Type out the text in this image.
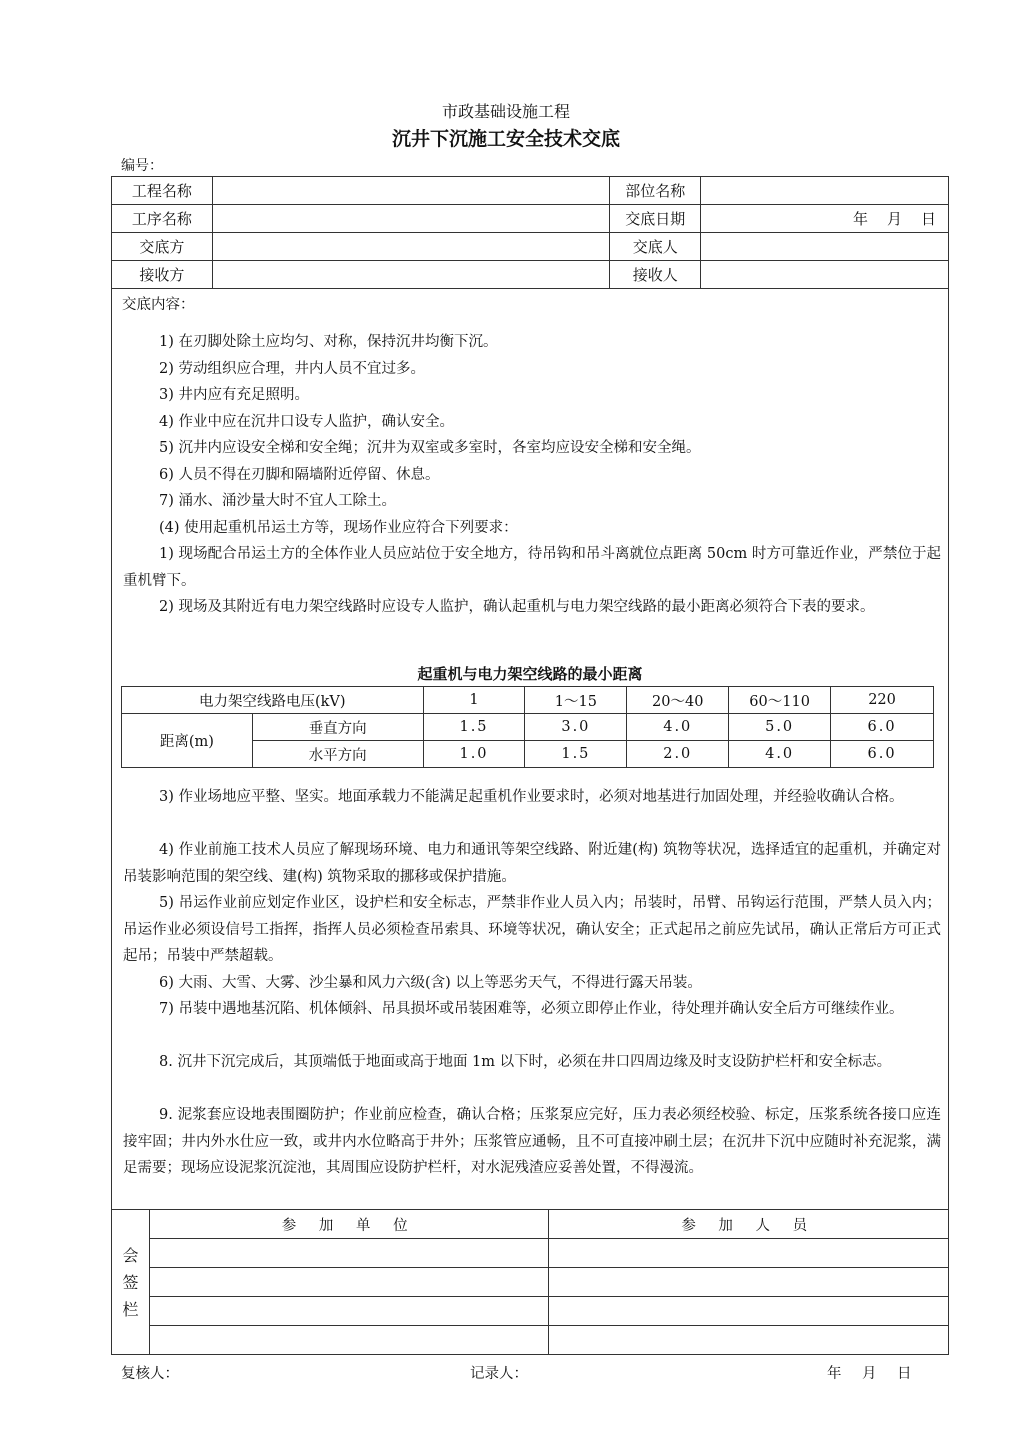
市政基础设施工程
沉井下沉施工安全技术交底
编号：
工程名称		部位名称	
工序名称		交底日期	年　月　日
交底方		交底人	
接收方		接收人	
交底内容：
1) 在刃脚处除土应均匀、对称，保持沉井均衡下沉。
2) 劳动组织应合理，井内人员不宜过多。
3) 井内应有充足照明。
4) 作业中应在沉井口设专人监护，确认安全。
5) 沉井内应设安全梯和安全绳；沉井为双室或多室时，各室均应设安全梯和安全绳。
6) 人员不得在刃脚和隔墙附近停留、休息。
7) 涌水、涌沙量大时不宜人工除土。
(4) 使用起重机吊运土方等，现场作业应符合下列要求：
1) 现场配合吊运土方的全体作业人员应站位于安全地方，待吊钩和吊斗离就位点距离 50cm 时方可靠近作业，严禁位于起重机臂下。
2) 现场及其附近有电力架空线路时应设专人监护，确认起重机与电力架空线路的最小距离必须符合下表的要求。
起重机与电力架空线路的最小距离
电力架空线路电压(kV)		1	1～15	20～40	60～110	220
距离(m)	垂直方向	1.5	3.0	4.0	5.0	6.0
	水平方向	1.0	1.5	2.0	4.0	6.0
3) 作业场地应平整、坚实。地面承载力不能满足起重机作业要求时，必须对地基进行加固处理，并经验收确认合格。
4) 作业前施工技术人员应了解现场环境、电力和通讯等架空线路、附近建(构) 筑物等状况，选择适宜的起重机，并确定对吊装影响范围的架空线、建(构) 筑物采取的挪移或保护措施。
5) 吊运作业前应划定作业区，设护栏和安全标志，严禁非作业人员入内；吊装时，吊臂、吊钩运行范围，严禁人员入内；吊运作业必须设信号工指挥，指挥人员必须检查吊索具、环境等状况，确认安全；正式起吊之前应先试吊，确认正常后方可正式起吊；吊装中严禁超载。
6) 大雨、大雪、大雾、沙尘暴和风力六级(含) 以上等恶劣天气，不得进行露天吊装。
7) 吊装中遇地基沉陷、机体倾斜、吊具损坏或吊装困难等，必须立即停止作业，待处理并确认安全后方可继续作业。
8. 沉井下沉完成后，其顶端低于地面或高于地面 1m 以下时，必须在井口四周边缘及时支设防护栏杆和安全标志。
9. 泥浆套应设地表围圈防护；作业前应检查，确认合格；压浆泵应完好，压力表必须经校验、标定，压浆系统各接口应连接牢固；井内外水仕应一致，或井内水位略高于井外；压浆管应通畅，且不可直接冲刷土层；在沉井下沉中应随时补充泥浆，满足需要；现场应设泥浆沉淀池，其周围应设防护栏杆，对水泥残渣应妥善处置，不得漫流。
会签栏	参 加 单 位	参 加 人 员

复核人：	记录人：	年　月　日
